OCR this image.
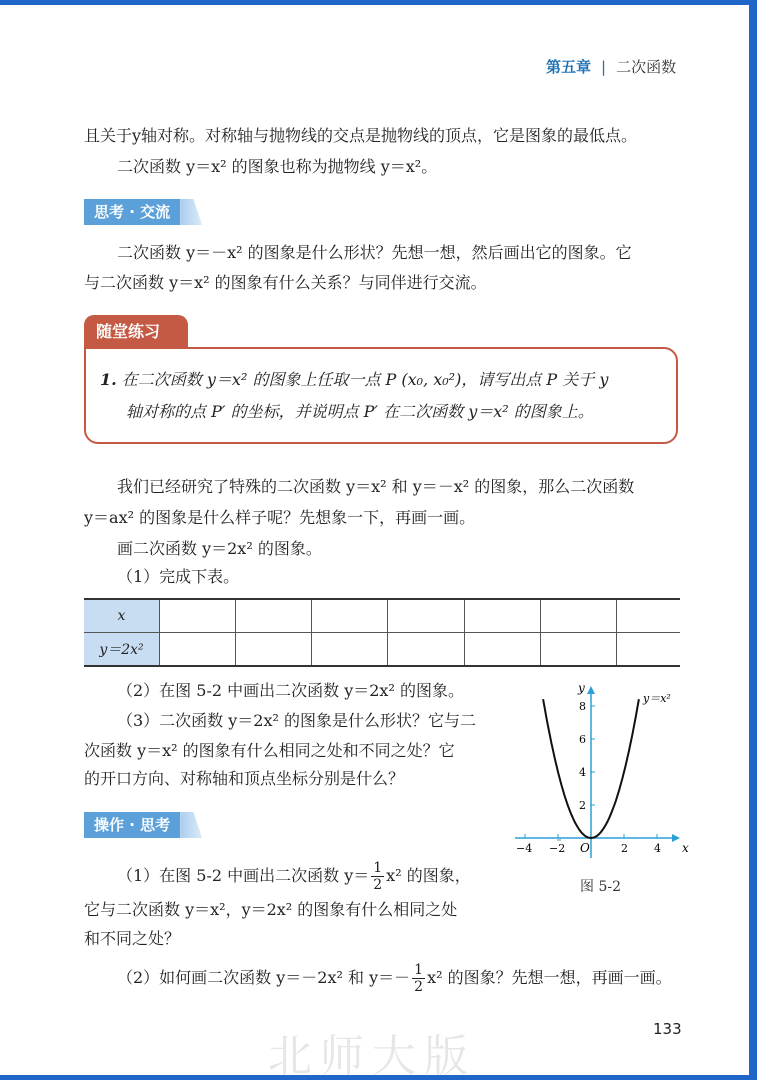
第五章 | 二次函数

且关于y轴对称。对称轴与抛物线的交点是抛物线的顶点，它是图象的最低点。

二次函数 y＝x² 的图象也称为抛物线 y＝x²。

思考 · 交流

二次函数 y＝－x² 的图象是什么形状？先想一想，然后画出它的图象。它

与二次函数 y＝x² 的图象有什么关系？与同伴进行交流。

随堂练习

1. 在二次函数 y＝x² 的图象上任取一点 P (x₀, x₀²)，请写出点 P 关于 y

轴对称的点 P′ 的坐标，并说明点 P′ 在二次函数 y＝x² 的图象上。

我们已经研究了特殊的二次函数 y＝x² 和 y＝－x² 的图象，那么二次函数

y＝ax² 的图象是什么样子呢？先想象一下，再画一画。

画二次函数 y＝2x² 的图象。

（1）完成下表。

x							
y＝2x²							

（2）在图 5-2 中画出二次函数 y＝2x² 的图象。

（3）二次函数 y＝2x² 的图象是什么形状？它与二

次函数 y＝x² 的图象有什么相同之处和不同之处？它

的开口方向、对称轴和顶点坐标分别是什么？

操作 · 思考

（1）在图 5-2 中画出二次函数 $y= \frac{1}{2} x^2$ 的图象，

它与二次函数 y＝x²，y＝2x² 的图象有什么相同之处

和不同之处？

（2）如何画二次函数 y＝－2x² 和 $y=- \frac{1}{2} x^2$ 的图象？先想一想，再画一画。

y＝x²
x
y
O
−4 −2	2 4
2
4
6
8
图 5-2
北师大版
133
